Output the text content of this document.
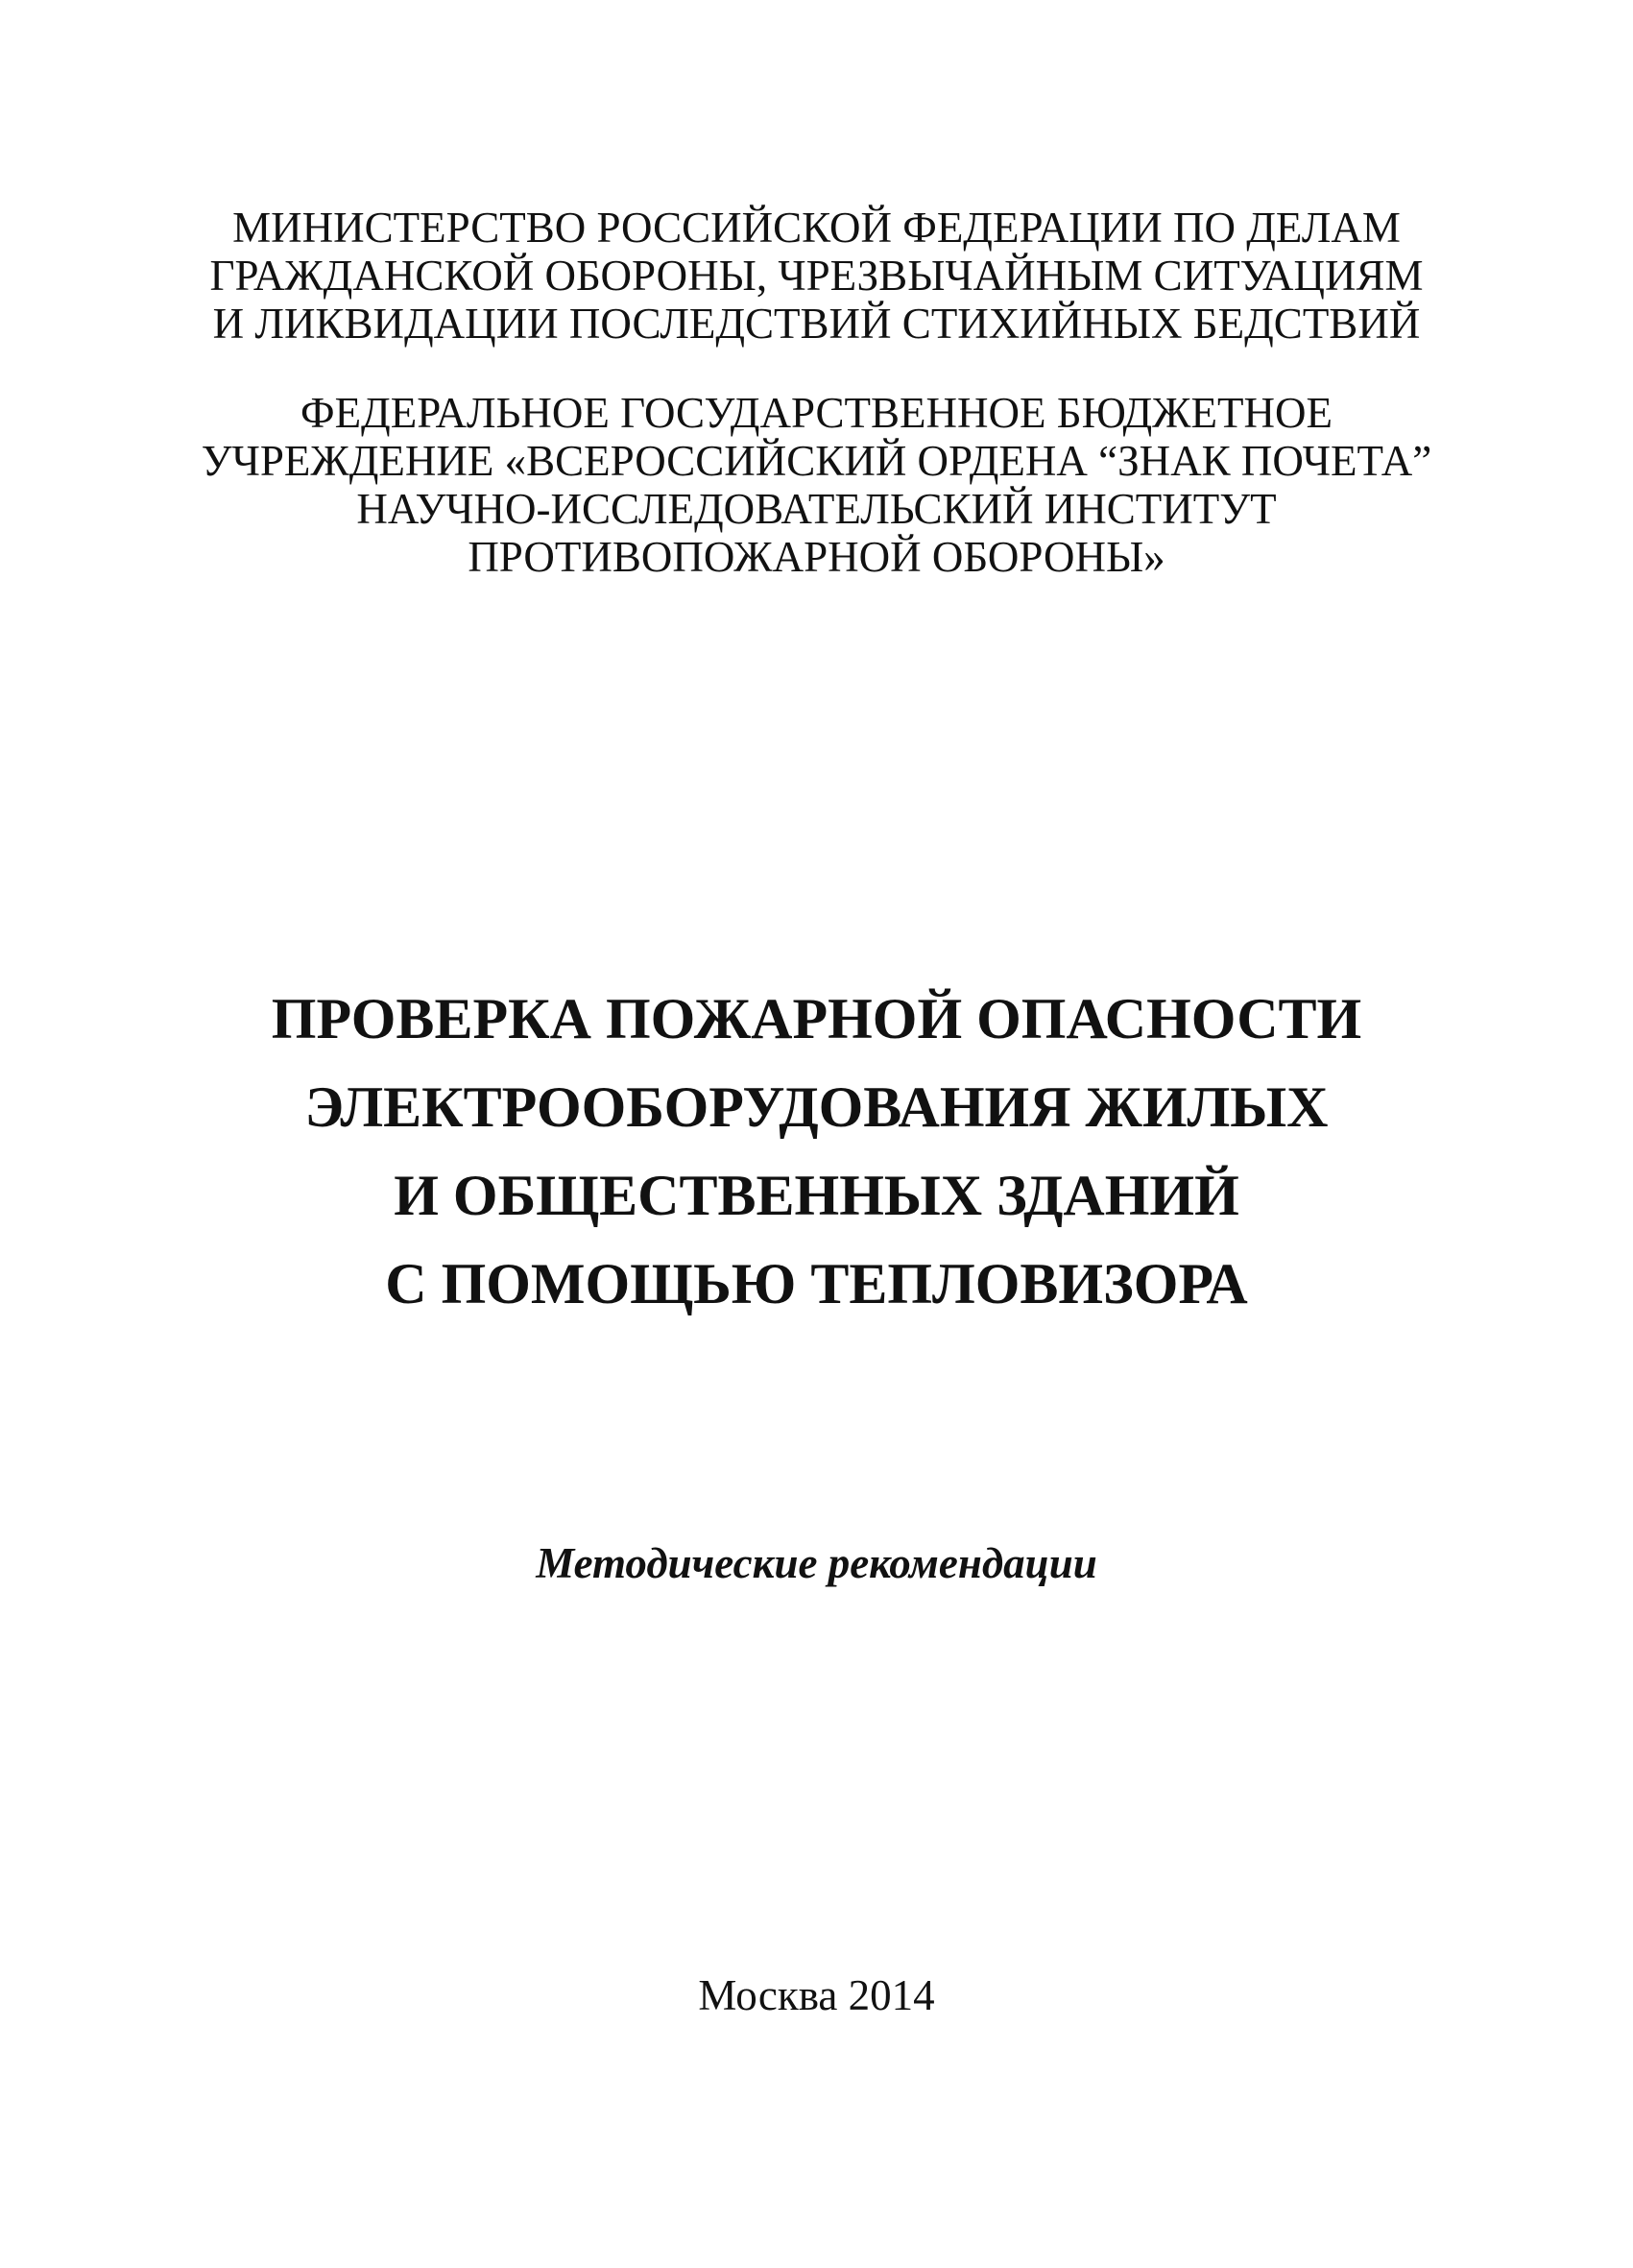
МИНИСТЕРСТВО РОССИЙСКОЙ ФЕДЕРАЦИИ ПО ДЕЛАМ
ГРАЖДАНСКОЙ ОБОРОНЫ, ЧРЕЗВЫЧАЙНЫМ СИТУАЦИЯМ
И ЛИКВИДАЦИИ ПОСЛЕДСТВИЙ СТИХИЙНЫХ БЕДСТВИЙ
ФЕДЕРАЛЬНОЕ ГОСУДАРСТВЕННОЕ БЮДЖЕТНОЕ
УЧРЕЖДЕНИЕ «ВСЕРОССИЙСКИЙ ОРДЕНА “ЗНАК ПОЧЕТА”
НАУЧНО-ИССЛЕДОВАТЕЛЬСКИЙ ИНСТИТУТ
ПРОТИВОПОЖАРНОЙ ОБОРОНЫ»
ПРОВЕРКА ПОЖАРНОЙ ОПАСНОСТИ
ЭЛЕКТРООБОРУДОВАНИЯ ЖИЛЫХ
И ОБЩЕСТВЕННЫХ ЗДАНИЙ
С ПОМОЩЬЮ ТЕПЛОВИЗОРА
Методические рекомендации
Москва 2014
